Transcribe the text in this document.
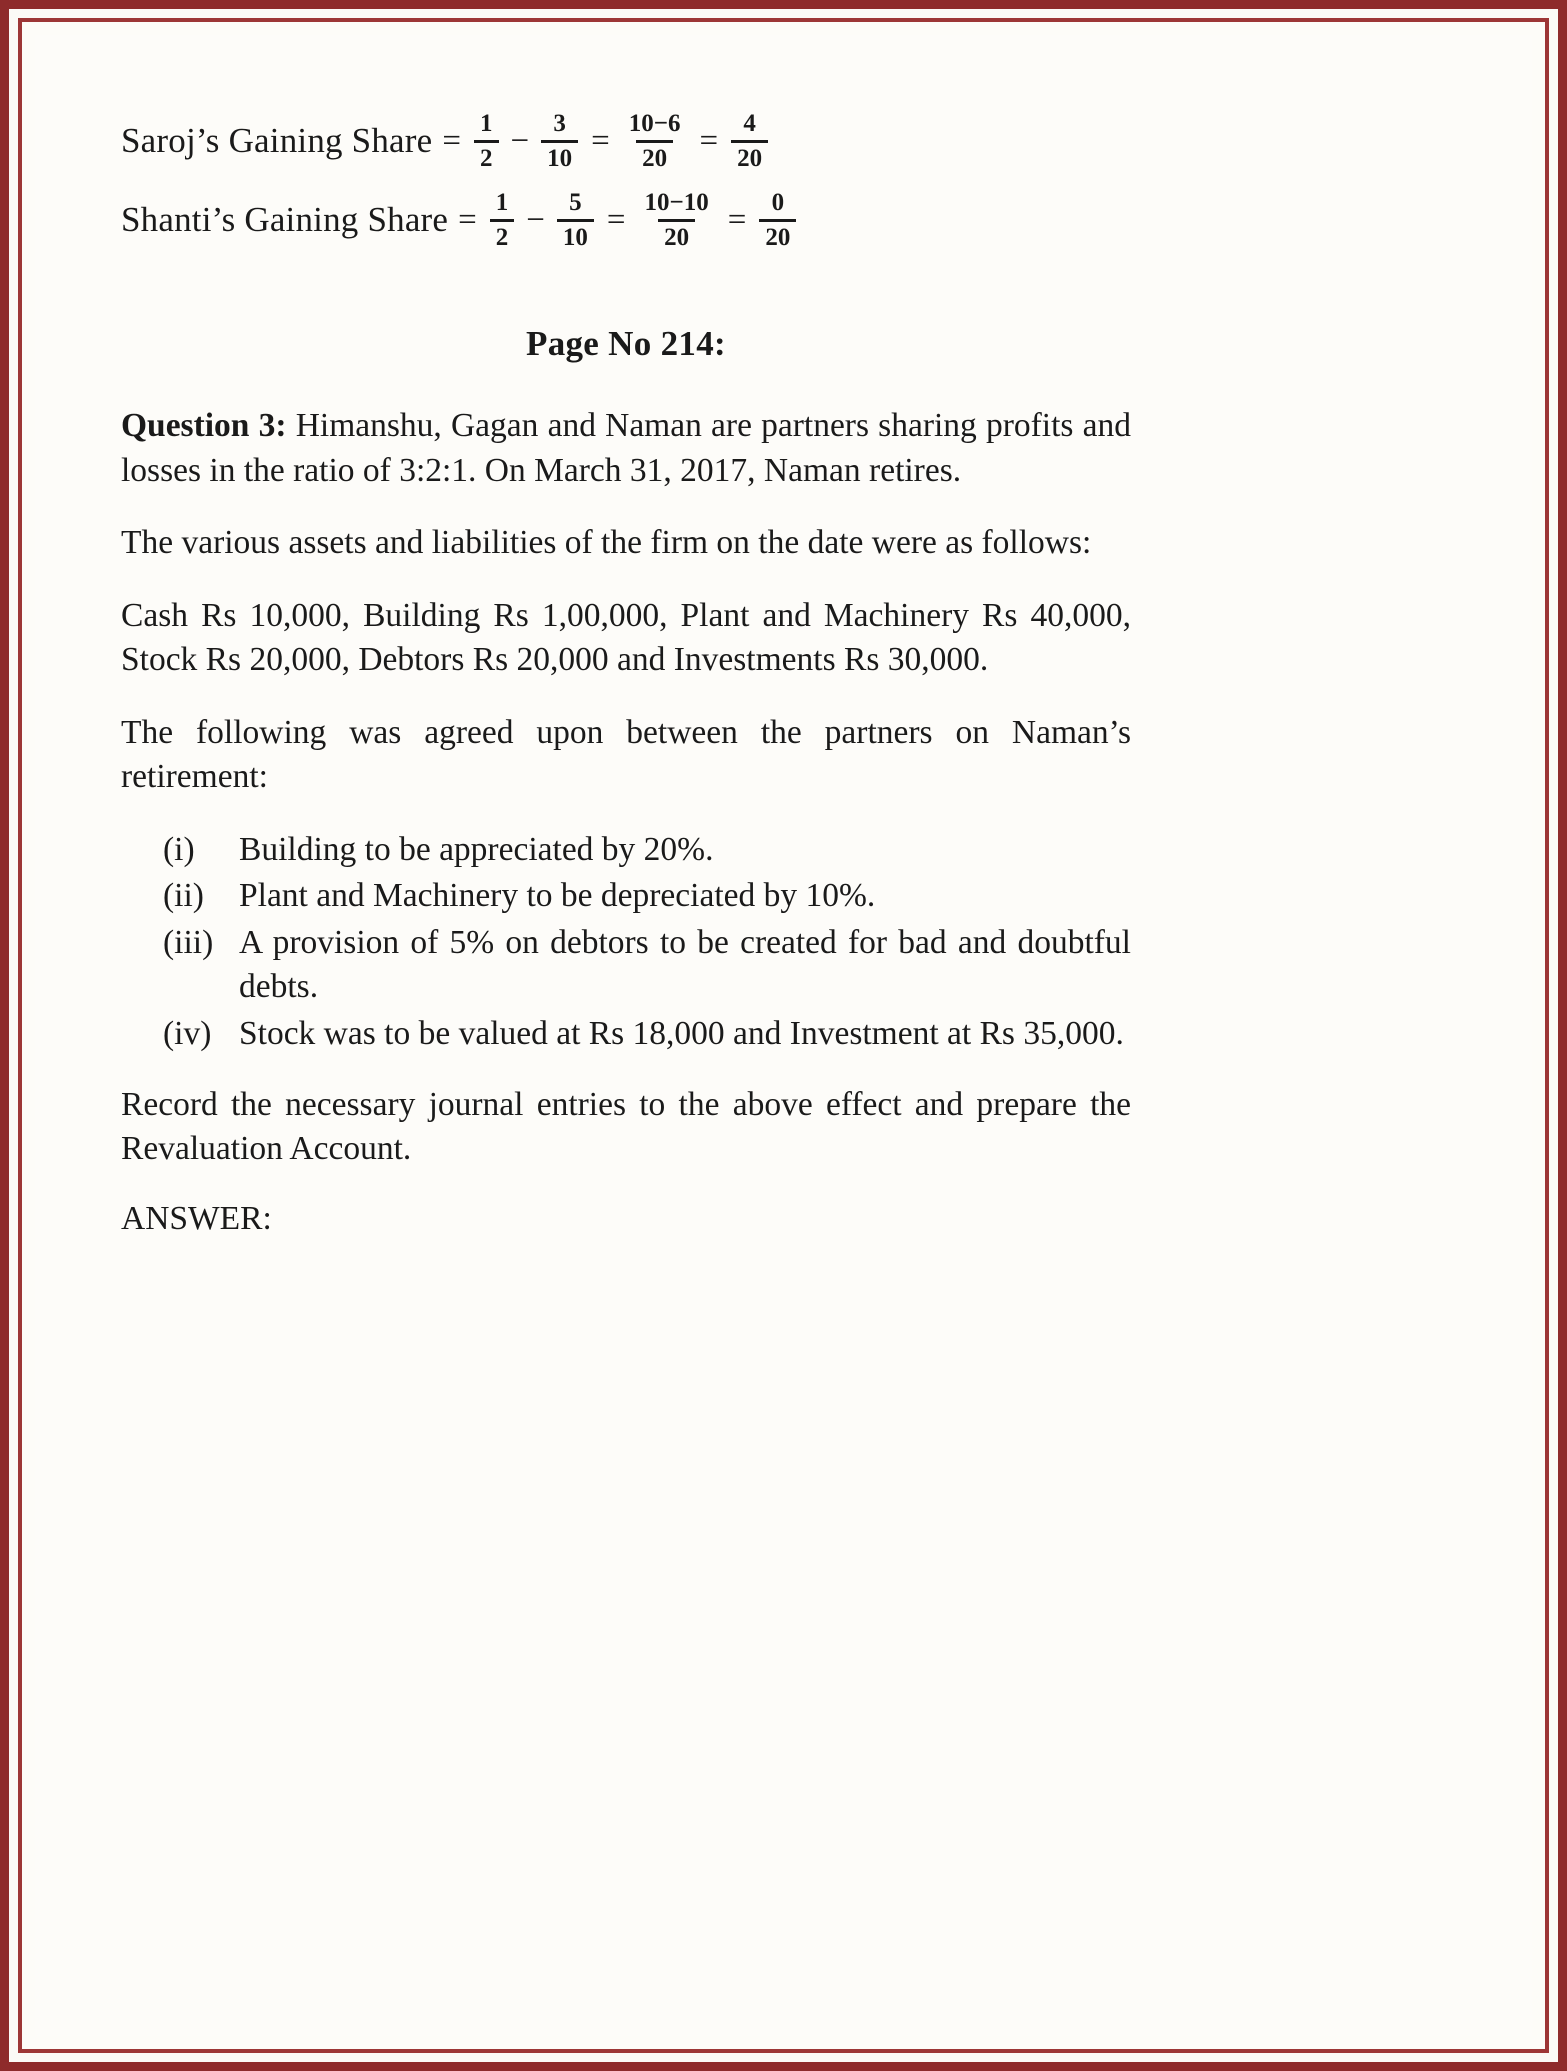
Saroj’s Gaining Share = $\frac{1}{2} - \frac{3}{10} = \frac{10-6}{20} = \frac{4}{20}$
Shanti’s Gaining Share = $\frac{1}{2} - \frac{5}{10} = \frac{10-10}{20} = \frac{0}{20}$
Page No 214:

Question 3: Himanshu, Gagan and Naman are partners sharing profits and losses in the ratio of 3:2:1. On March 31, 2017, Naman retires.

The various assets and liabilities of the firm on the date were as follows:

Cash Rs 10,000, Building Rs 1,00,000, Plant and Machinery Rs 40,000, Stock Rs 20,000, Debtors Rs 20,000 and Investments Rs 30,000.

The following was agreed upon between the partners on Naman’s retirement:

(i)	Building to be appreciated by 20%.
(ii)	Plant and Machinery to be depreciated by 10%.
(iii) A provision of 5% on debtors to be created for bad and doubtful debts.
(iv) Stock was to be valued at Rs 18,000 and Investment at Rs 35,000.

Record the necessary journal entries to the above effect and prepare the Revaluation Account.

ANSWER:
